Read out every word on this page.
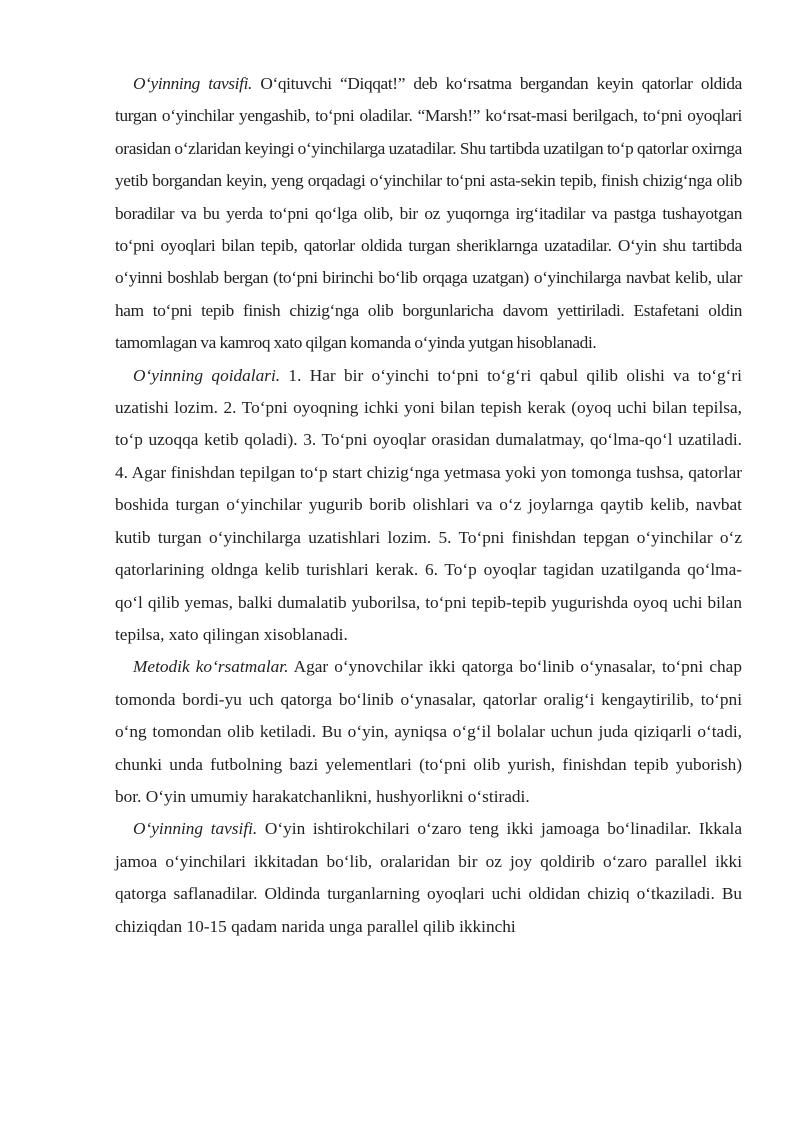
O‘yinning tavsifi. O‘qituvchi “Diqqat!” deb ko‘rsatma bergandan keyin qatorlar oldida turgan o‘yinchilar yengashib, to‘pni oladilar. “Marsh!” ko‘rsat-masi berilgach, to‘pni oyoqlari orasidan o‘zlaridan keyingi o‘yinchilarga uzatadilar. Shu tartibda uzatilgan to‘p qatorlar oxirnga yetib borgandan keyin, yeng orqadagi o‘yinchilar to‘pni asta-sekin tepib, finish chizig‘nga olib boradilar va bu yerda to‘pni qo‘lga olib, bir oz yuqornga irg‘itadilar va pastga tushayotgan to‘pni oyoqlari bilan tepib, qatorlar oldida turgan sheriklarnga uzatadilar. O‘yin shu tartibda o‘yinni boshlab bergan (to‘pni birinchi bo‘lib orqaga uzatgan) o‘yinchilarga navbat kelib, ular ham to‘pni tepib finish chizig‘nga olib borgunlaricha davom yettiriladi. Estafetani oldin tamomlagan va kamroq xato qilgan komanda o‘yinda yutgan hisoblanadi.

O‘yinning qoidalari. 1. Har bir o‘yinchi to‘pni to‘g‘ri qabul qilib olishi va to‘g‘ri uzatishi lozim. 2. To‘pni oyoqning ichki yoni bilan tepish kerak (oyoq uchi bilan tepilsa, to‘p uzoqqa ketib qoladi). 3. To‘pni oyoqlar orasidan dumalatmay, qo‘lma-qo‘l uzatiladi. 4. Agar finishdan tepilgan to‘p start chizig‘nga yetmasa yoki yon tomonga tushsa, qatorlar boshida turgan o‘yinchilar yugurib borib olishlari va o‘z joylarnga qaytib kelib, navbat kutib turgan o‘yinchilarga uzatishlari lozim. 5. To‘pni finishdan tepgan o‘yinchilar o‘z qatorlarining oldnga kelib turishlari kerak. 6. To‘p oyoqlar tagidan uzatilganda qo‘lma-qo‘l qilib yemas, balki dumalatib yuborilsa, to‘pni tepib-tepib yugurishda oyoq uchi bilan tepilsa, xato qilingan xisoblanadi.

Metodik ko‘rsatmalar. Agar o‘ynovchilar ikki qatorga bo‘linib o‘ynasalar, to‘pni chap tomonda bordi-yu uch qatorga bo‘linib o‘ynasalar, qatorlar oralig‘i kengaytirilib, to‘pni o‘ng tomondan olib ketiladi. Bu o‘yin, ayniqsa o‘g‘il bolalar uchun juda qiziqarli o‘tadi, chunki unda futbolning bazi yelementlari (to‘pni olib yurish, finishdan tepib yuborish) bor. O‘yin umumiy harakatchanlikni, hushyorlikni o‘stiradi.

O‘yinning tavsifi. O‘yin ishtirokchilari o‘zaro teng ikki jamoaga bo‘linadilar. Ikkala jamoa o‘yinchilari ikkitadan bo‘lib, oralaridan bir oz joy qoldirib o‘zaro parallel ikki qatorga saflanadilar. Oldinda turganlarning oyoqlari uchi oldidan chiziq o‘tkaziladi. Bu chiziqdan 10-15 qadam narida unga parallel qilib ikkinchi
